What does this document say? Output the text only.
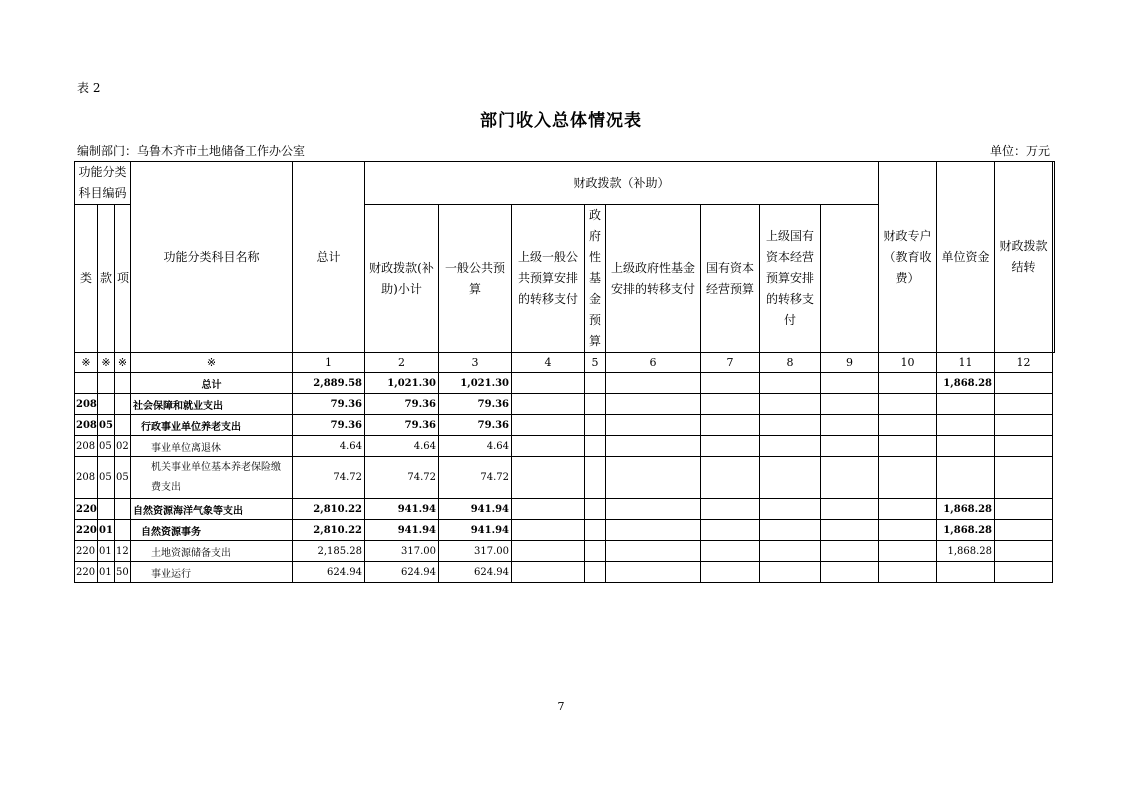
表 2
部门收入总体情况表
编制部门：乌鲁木齐市土地储备工作办公室	单位：万元
功能分类科目编码			功能分类科目名称	总计	财政拨款（补助）								财政专户（教育收费）	单位资金	财政拨款结转	
类	款	项			财政拨款(补助)小计	一般公共预算	上级一般公共预算安排的转移支付	政府性基金预算	上级政府性基金安排的转移支付	国有资本经营预算	上级国有资本经营预算安排的转移支付					
※	※	※	※	1	2	3	4	5	6	7	8	9	10	11	12	
			总计	2,889.58	1,021.30	1,021.30								1,868.28		
208			社会保障和就业支出	79.36	79.36	79.36										
208	05		行政事业单位养老支出	79.36	79.36	79.36										
208	05	02	事业单位离退休	4.64	4.64	4.64										
208	05	05	机关事业单位基本养老保险缴费支出	74.72	74.72	74.72										
220			自然资源海洋气象等支出	2,810.22	941.94	941.94								1,868.28		
220	01		自然资源事务	2,810.22	941.94	941.94								1,868.28		
220	01	12	土地资源储备支出	2,185.28	317.00	317.00								1,868.28		
220	01	50	事业运行	624.94	624.94	624.94										
7
